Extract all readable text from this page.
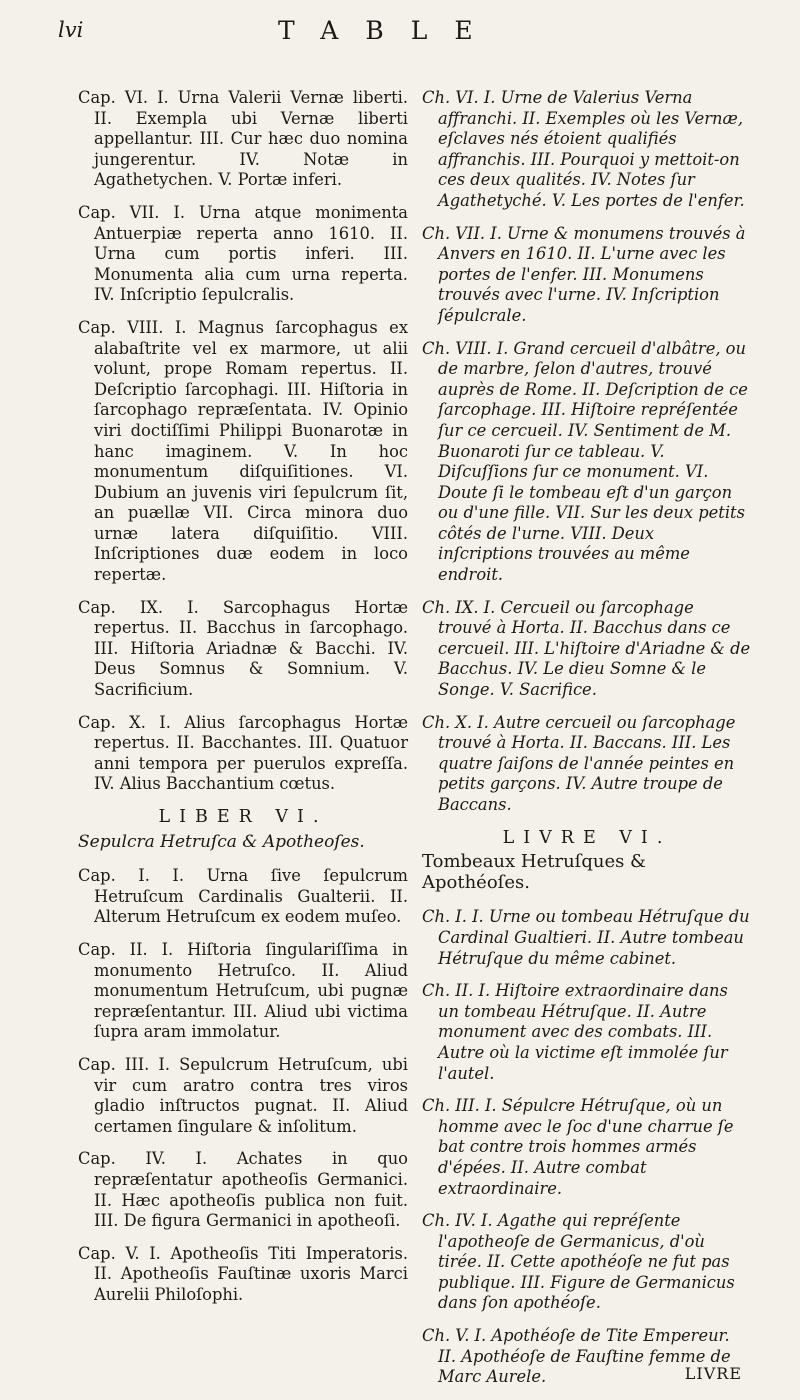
lvi	TABLE

Cap. VI. I. Urna Valerii Vernæ liberti. II. Exempla ubi Vernæ liberti appellantur. III. Cur hæc duo nomina jungerentur. IV. Notæ in Agathetychen. V. Portæ inferi.

Cap. VII. I. Urna atque monimenta Antuerpiæ reperta anno 1610. II. Urna cum portis inferi. III. Monumenta alia cum urna reperta. IV. Inſcriptio ſepulcralis.

Cap. VIII. I. Magnus ſarcophagus ex alabaſtrite vel ex marmore, ut alii volunt, prope Romam repertus. II. Deſcriptio ſarcophagi. III. Hiſtoria in ſarcophago repræſentata. IV. Opinio viri doctiſſimi Philippi Buonarotæ in hanc imaginem. V. In hoc monumentum diſquiſitiones. VI. Dubium an juvenis viri ſepulcrum ſit, an puællæ VII. Circa minora duo urnæ latera diſquiſitio. VIII. Inſcriptiones duæ eodem in loco repertæ.

Cap. IX. I. Sarcophagus Hortæ repertus. II. Bacchus in ſarcophago. III. Hiſtoria Ariadnæ & Bacchi. IV. Deus Somnus & Somnium. V. Sacrificium.

Cap. X. I. Alius ſarcophagus Hortæ repertus. II. Bacchantes. III. Quatuor anni tempora per puerulos expreſſa. IV. Alius Bacchantium cœtus.

LIBER VI.
Sepulcra Hetruſca & Apotheoſes.

Cap. I. I. Urna ſive ſepulcrum Hetruſcum Cardinalis Gualterii. II. Alterum Hetruſcum ex eodem muſeo.

Cap. II. I. Hiſtoria ſingulariſſima in monumento Hetruſco. II. Aliud monumentum Hetruſcum, ubi pugnæ repræſentantur. III. Aliud ubi victima ſupra aram immolatur.

Cap. III. I. Sepulcrum Hetruſcum, ubi vir cum aratro contra tres viros gladio inſtructos pugnat. II. Aliud certamen ſingulare & inſolitum.

Cap. IV. I. Achates in quo repræſentatur apotheoſis Germanici. II. Hæc apotheoſis publica non fuit. III. De figura Germanici in apotheoſi.

Cap. V. I. Apotheoſis Titi Imperatoris. II. Apotheoſis Fauſtinæ uxoris Marci Aurelii Philoſophi.

Ch. VI. I. Urne de Valerius Verna affranchi. II. Exemples où les Vernæ, eſclaves nés étoient qualifiés affranchis. III. Pourquoi y mettoit-on ces deux qualités. IV. Notes ſur Agathetyché. V. Les portes de l'enfer.

Ch. VII. I. Urne & monumens trouvés à Anvers en 1610. II. L'urne avec les portes de l'enfer. III. Monumens trouvés avec l'urne. IV. Inſcription ſépulcrale.

Ch. VIII. I. Grand cercueil d'albâtre, ou de marbre, ſelon d'autres, trouvé auprès de Rome. II. Deſcription de ce ſarcophage. III. Hiſtoire repréſentée ſur ce cercueil. IV. Sentiment de M. Buonaroti ſur ce tableau. V. Diſcuſſions ſur ce monument. VI. Doute ſi le tombeau eſt d'un garçon ou d'une fille. VII. Sur les deux petits côtés de l'urne. VIII. Deux inſcriptions trouvées au même endroit.

Ch. IX. I. Cercueil ou ſarcophage trouvé à Horta. II. Bacchus dans ce cercueil. III. L'hiſtoire d'Ariadne & de Bacchus. IV. Le dieu Somne & le Songe. V. Sacrifice.

Ch. X. I. Autre cercueil ou ſarcophage trouvé à Horta. II. Baccans. III. Les quatre ſaiſons de l'année peintes en petits garçons. IV. Autre troupe de Baccans.

LIVRE VI.
Tombeaux Hetruſques & Apothéoſes.

Ch. I. I. Urne ou tombeau Hétruſque du Cardinal Gualtieri. II. Autre tombeau Hétruſque du même cabinet.

Ch. II. I. Hiſtoire extraordinaire dans un tombeau Hétruſque. II. Autre monument avec des combats. III. Autre où la victime eſt immolée ſur l'autel.

Ch. III. I. Sépulcre Hétruſque, où un homme avec le ſoc d'une charrue ſe bat contre trois hommes armés d'épées. II. Autre combat extraordinaire.

Ch. IV. I. Agathe qui repréſente l'apotheoſe de Germanicus, d'où tirée. II. Cette apothéoſe ne fut pas publique. III. Figure de Germanicus dans ſon apothéoſe.

Ch. V. I. Apothéoſe de Tite Empereur. II. Apothéoſe de Fauſtine femme de Marc Aurele.	LIVRE
